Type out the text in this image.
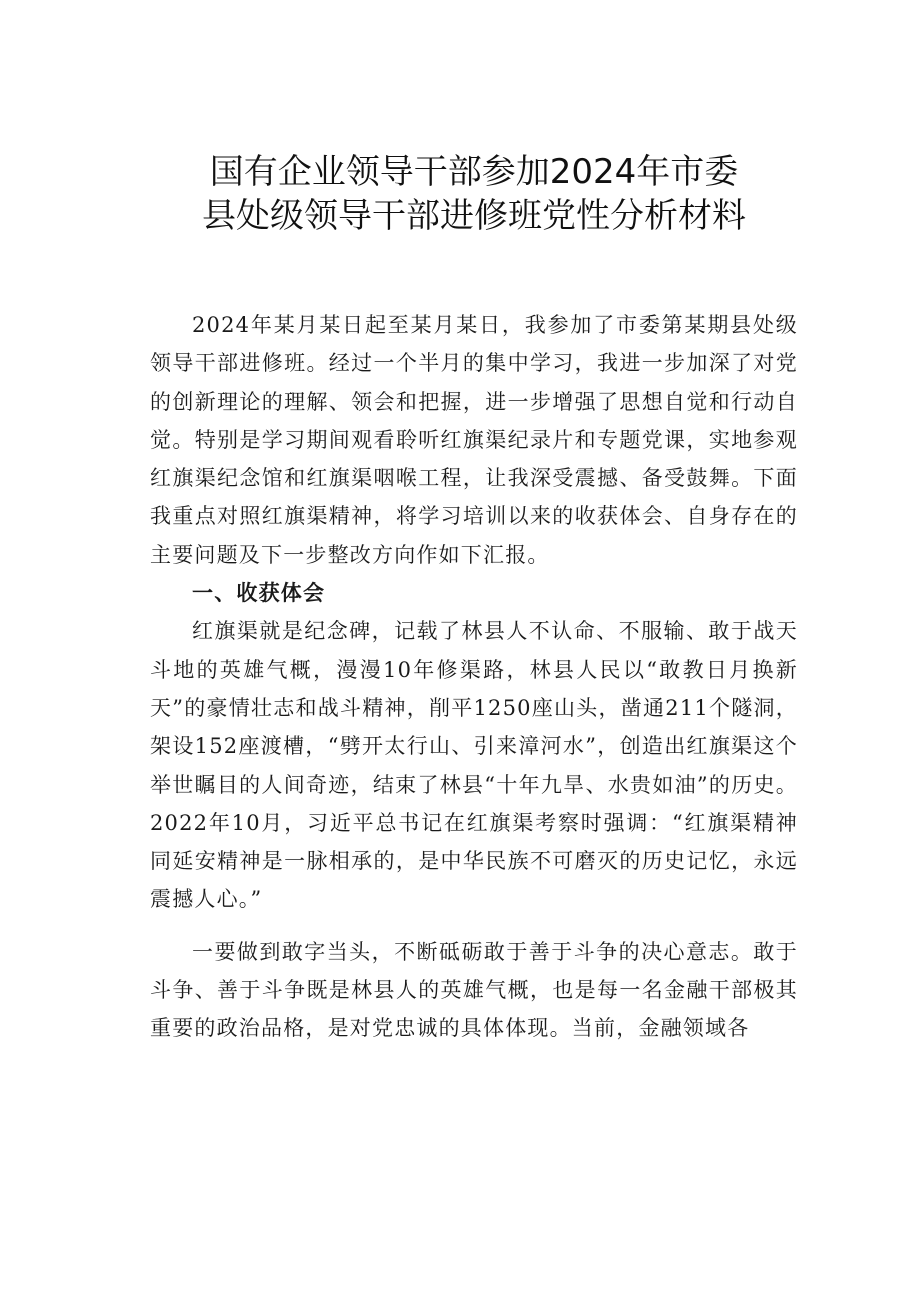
国有企业领导干部参加2024年市委
县处级领导干部进修班党性分析材料

2024年某月某日起至某月某日，我参加了市委第某期县处级领导干部进修班。经过一个半月的集中学习，我进一步加深了对党的创新理论的理解、领会和把握，进一步增强了思想自觉和行动自觉。特别是学习期间观看聆听红旗渠纪录片和专题党课，实地参观红旗渠纪念馆和红旗渠咽喉工程，让我深受震撼、备受鼓舞。下面我重点对照红旗渠精神，将学习培训以来的收获体会、自身存在的主要问题及下一步整改方向作如下汇报。

一、收获体会

红旗渠就是纪念碑，记载了林县人不认命、不服输、敢于战天斗地的英雄气概，漫漫10年修渠路，林县人民以“敢教日月换新天”的豪情壮志和战斗精神，削平1250座山头，凿通211个隧洞，架设152座渡槽，“劈开太行山、引来漳河水”，创造出红旗渠这个举世瞩目的人间奇迹，结束了林县“十年九旱、水贵如油”的历史。2022年10月，习近平总书记在红旗渠考察时强调：“红旗渠精神同延安精神是一脉相承的，是中华民族不可磨灭的历史记忆，永远震撼人心。”

一要做到敢字当头，不断砥砺敢于善于斗争的决心意志。敢于斗争、善于斗争既是林县人的英雄气概，也是每一名金融干部极其重要的政治品格，是对党忠诚的具体体现。当前，金融领域各
